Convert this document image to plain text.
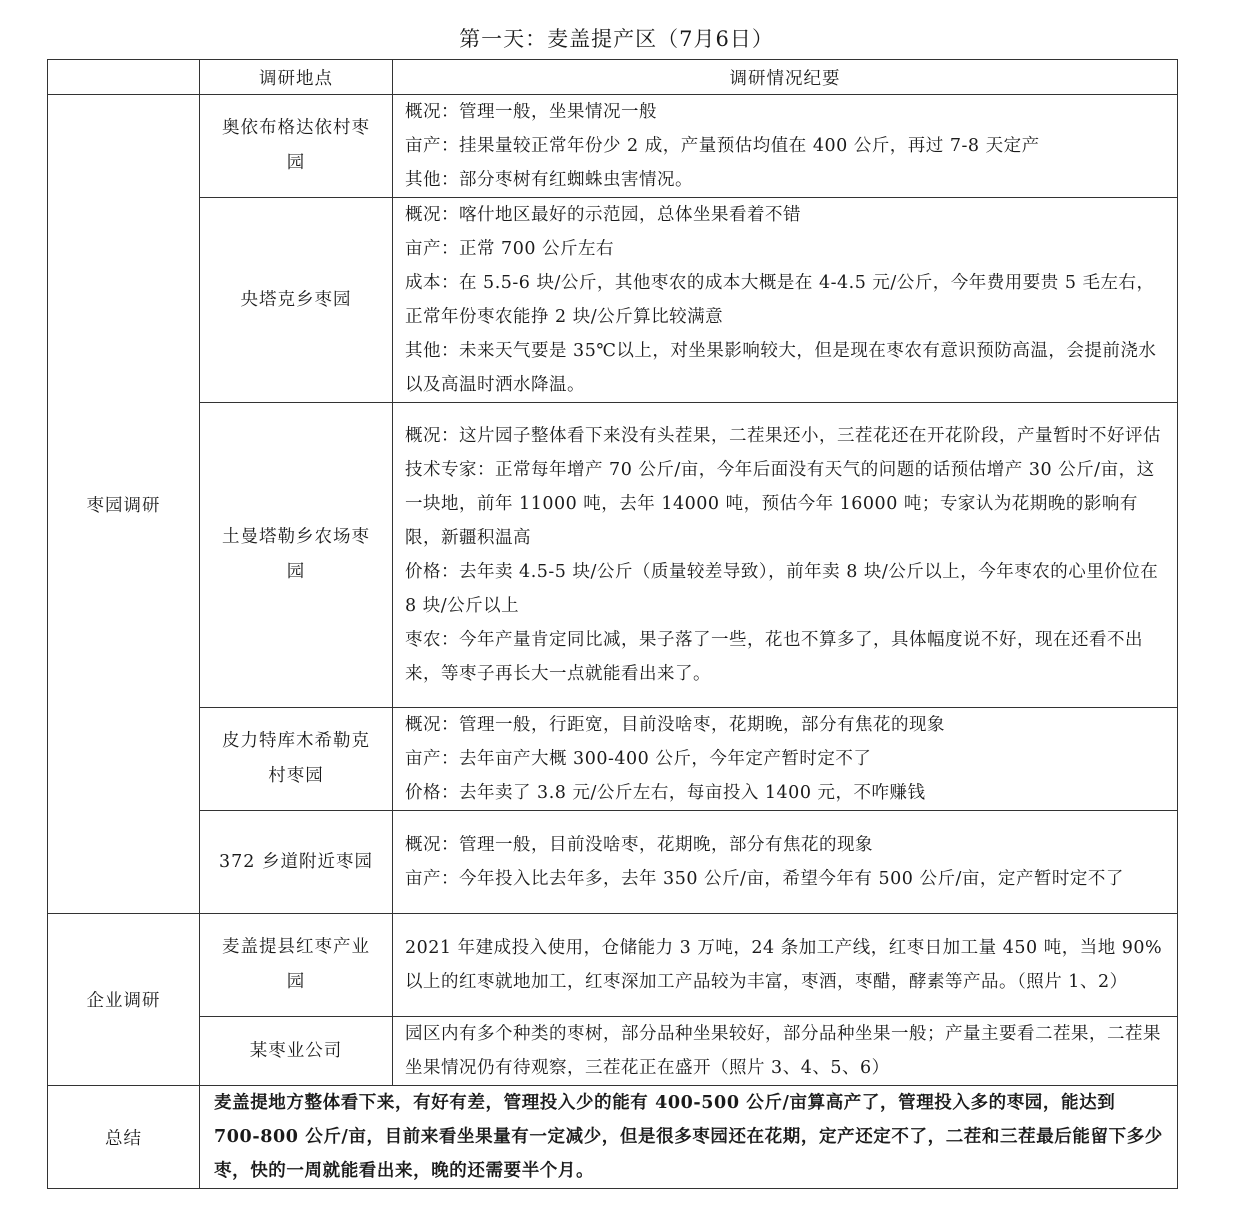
第一天：麦盖提产区（7月6日）
	调研地点	调研情况纪要
枣园调研	奥依布格达依村枣园	概况：管理一般，坐果情况一般
亩产：挂果量较正常年份少 2 成，产量预估均值在 400 公斤，再过 7-8 天定产
其他：部分枣树有红蜘蛛虫害情况。

	央塔克乡枣园	概况：喀什地区最好的示范园，总体坐果看着不错
亩产：正常 700 公斤左右
成本：在 5.5-6 块/公斤，其他枣农的成本大概是在 4-4.5 元/公斤，今年费用要贵 5 毛左右，正常年份枣农能挣 2 块/公斤算比较满意
其他：未来天气要是 35℃以上，对坐果影响较大，但是现在枣农有意识预防高温，会提前浇水以及高温时洒水降温。

	土曼塔勒乡农场枣园	概况：这片园子整体看下来没有头茬果，二茬果还小，三茬花还在开花阶段，产量暂时不好评估
技术专家：正常每年增产 70 公斤/亩，今年后面没有天气的问题的话预估增产 30 公斤/亩，这一块地，前年 11000 吨，去年 14000 吨，预估今年 16000 吨；专家认为花期晚的影响有限，新疆积温高
价格：去年卖 4.5-5 块/公斤（质量较差导致），前年卖 8 块/公斤以上，今年枣农的心里价位在 8 块/公斤以上
枣农：今年产量肯定同比减，果子落了一些，花也不算多了，具体幅度说不好，现在还看不出来，等枣子再长大一点就能看出来了。

	皮力特库木希勒克村枣园	概况：管理一般，行距宽，目前没啥枣，花期晚，部分有焦花的现象
亩产：去年亩产大概 300-400 公斤，今年定产暂时定不了
价格：去年卖了 3.8 元/公斤左右，每亩投入 1400 元，不咋赚钱

	372 乡道附近枣园	概况：管理一般，目前没啥枣，花期晚，部分有焦花的现象
亩产：今年投入比去年多，去年 350 公斤/亩，希望今年有 500 公斤/亩，定产暂时定不了

企业调研	麦盖提县红枣产业园	2021 年建成投入使用，仓储能力 3 万吨，24 条加工产线，红枣日加工量 450 吨，当地 90%以上的红枣就地加工，红枣深加工产品较为丰富，枣酒，枣醋，酵素等产品。（照片 1、2）

	某枣业公司	园区内有多个种类的枣树，部分品种坐果较好，部分品种坐果一般；产量主要看二茬果，二茬果坐果情况仍有待观察，三茬花正在盛开（照片 3、4、5、6）

总结	麦盖提地方整体看下来，有好有差，管理投入少的能有 400-500 公斤/亩算高产了，管理投入多的枣园，能达到 700-800 公斤/亩，目前来看坐果量有一定减少，但是很多枣园还在花期，定产还定不了，二茬和三茬最后能留下多少枣，快的一周就能看出来，晚的还需要半个月。	
